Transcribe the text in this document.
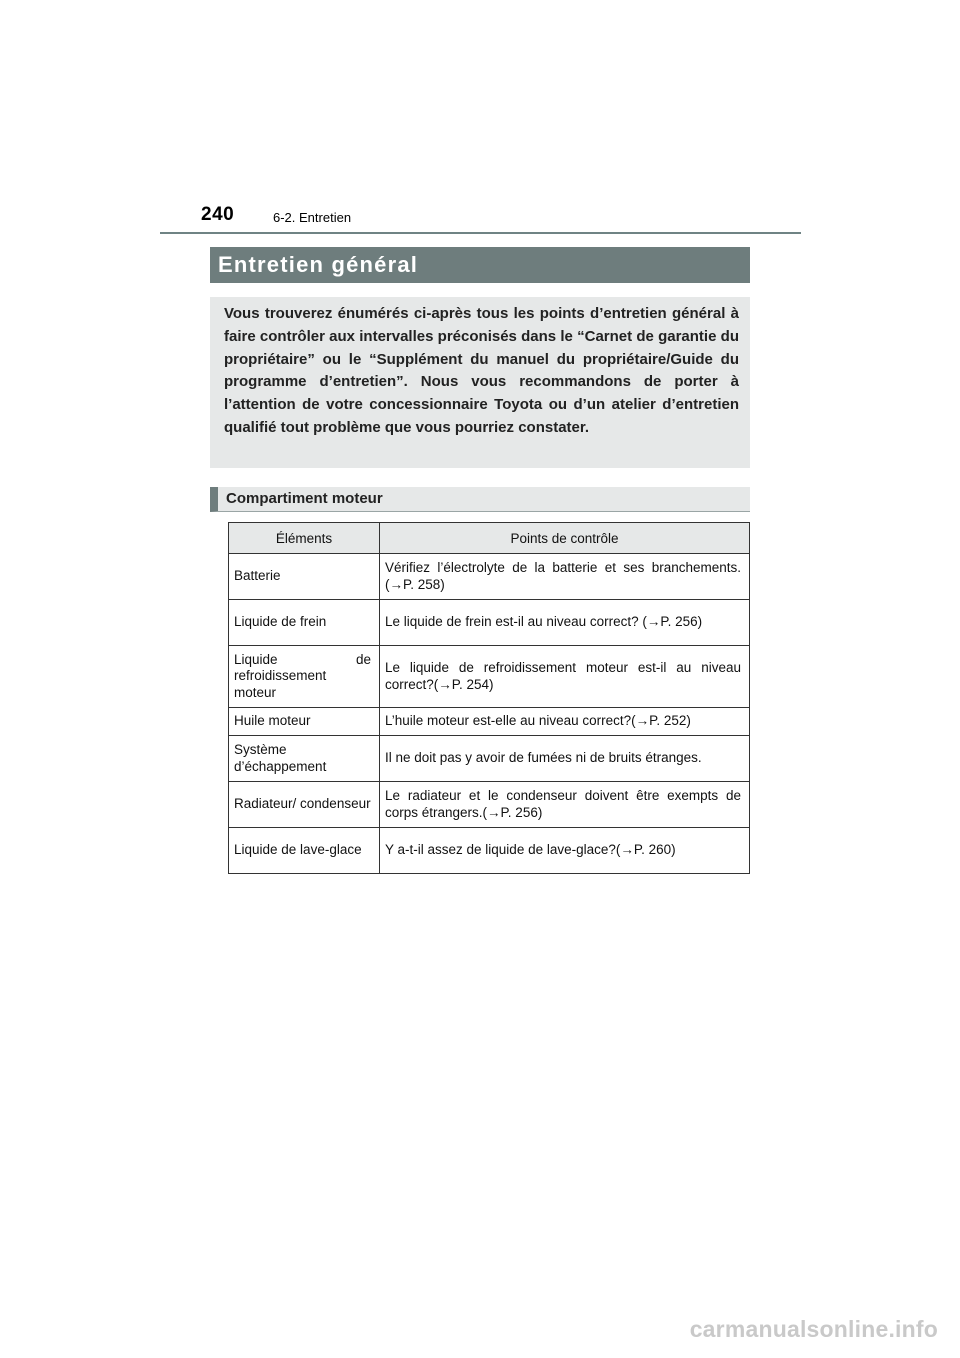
240	6-2. Entretien
Entretien général
Vous trouverez énumérés ci-après tous les points d’entretien général à faire contrôler aux intervalles préconisés dans le “Carnet de garantie du propriétaire” ou le “Supplément du manuel du propriétaire/Guide du programme d’entretien”. Nous vous recommandons de porter à l’attention de votre concessionnaire Toyota ou d’un atelier d’entretien qualifié tout problème que vous pourriez constater.
Compartiment moteur
Éléments	Points de contrôle
Batterie	Vérifiez l’électrolyte de la batterie et ses branchements. (→P. 258)
Liquide de frein	Le liquide de frein est-il au niveau correct? (→P. 256)
Liquide de refroidissement moteur	Le liquide de refroidissement moteur est-il au niveau correct?(→P. 254)
Huile moteur	L’huile moteur est-elle au niveau correct?(→P. 252)
Système d’échappement	Il ne doit pas y avoir de fumées ni de bruits étranges.
Radiateur/ condenseur	Le radiateur et le condenseur doivent être exempts de corps étrangers.(→P. 256)
Liquide de lave-glace	Y a-t-il assez de liquide de lave-glace?(→P. 260)
carmanualsonline.info
